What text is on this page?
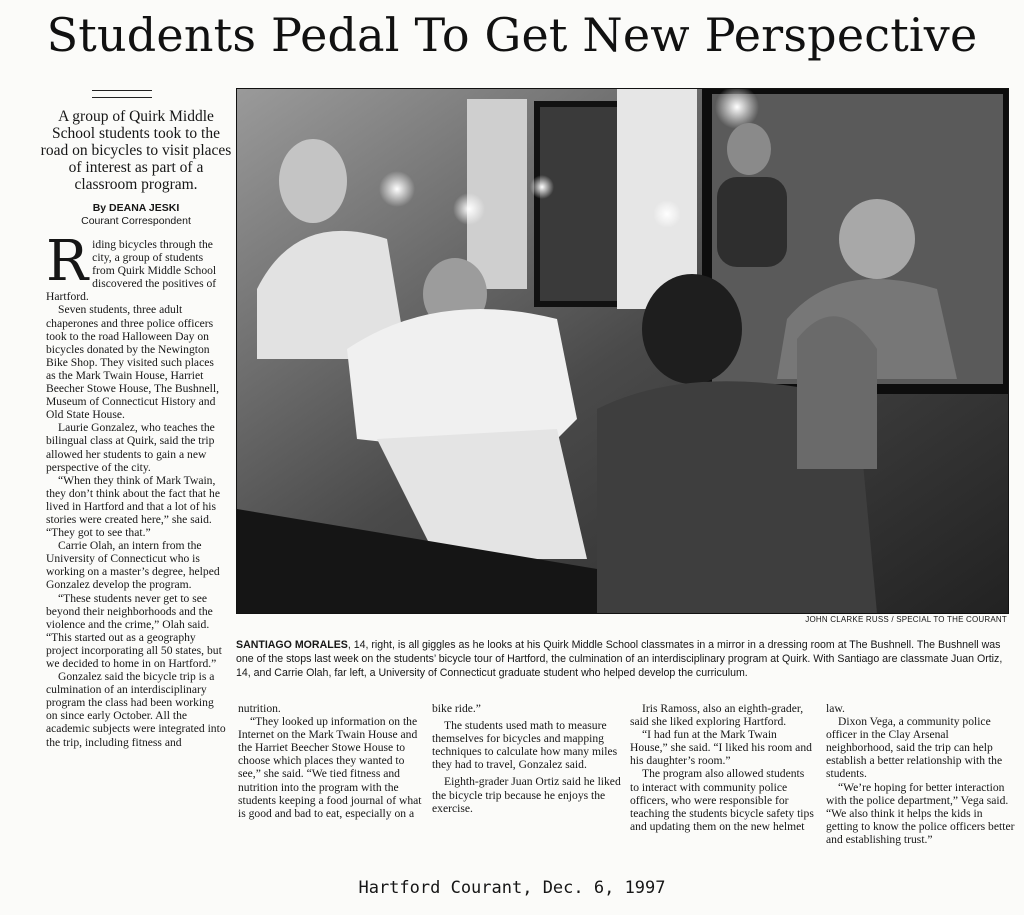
Students Pedal To Get New Perspective
A group of Quirk Middle School students took to the road on bicycles to visit places of interest as part of a classroom program.
By DEANA JESKI
Courant Correspondent

Riding bicycles through the city, a group of students from Quirk Middle School discovered the positives of Hartford.

Seven students, three adult chaperones and three police officers took to the road Halloween Day on bicycles donated by the Newington Bike Shop. They visited such places as the Mark Twain House, Harriet Beecher Stowe House, The Bushnell, Museum of Connecticut History and Old State House.

Laurie Gonzalez, who teaches the bilingual class at Quirk, said the trip allowed her students to gain a new perspective of the city.

“When they think of Mark Twain, they don’t think about the fact that he lived in Hartford and that a lot of his stories were created here,” she said. “They got to see that.”

Carrie Olah, an intern from the University of Connecticut who is working on a master’s degree, helped Gonzalez develop the program.

“These students never get to see beyond their neighborhoods and the violence and the crime,” Olah said. “This started out as a geography project incorporating all 50 states, but we decided to home in on Hartford.”

Gonzalez said the bicycle trip is a culmination of an interdisciplinary program the class had been working on since early October. All the academic subjects were integrated into the trip, including fitness and

JOHN CLARKE RUSS / SPECIAL TO THE COURANT
SANTIAGO MORALES, 14, right, is all giggles as he looks at his Quirk Middle School classmates in a mirror in a dressing room at The Bushnell. The Bushnell was one of the stops last week on the students’ bicycle tour of Hartford, the culmination of an interdisciplinary program at Quirk. With Santiago are classmate Juan Ortiz, 14, and Carrie Olah, far left, a University of Connecticut graduate student who helped develop the curriculum.

nutrition.

“They looked up information on the Internet on the Mark Twain House and the Harriet Beecher Stowe House to choose which places they wanted to see,” she said. “We tied fitness and nutrition into the program with the students keeping a food journal of what is good and bad to eat, especially on a

bike ride.”

The students used math to measure themselves for bicycles and mapping techniques to calculate how many miles they had to travel, Gonzalez said.

Eighth-grader Juan Ortiz said he liked the bicycle trip because he enjoys the exercise.

Iris Ramoss, also an eighth-grader, said she liked exploring Hartford.

“I had fun at the Mark Twain House,” she said. “I liked his room and his daughter’s room.”

The program also allowed students to interact with community police officers, who were responsible for teaching the students bicycle safety tips and updating them on the new helmet

law.

Dixon Vega, a community police officer in the Clay Arsenal neighborhood, said the trip can help establish a better relationship with the students.

“We’re hoping for better interaction with the police department,” Vega said. “We also think it helps the kids in getting to know the police officers better and establishing trust.”

Hartford Courant, Dec. 6, 1997
